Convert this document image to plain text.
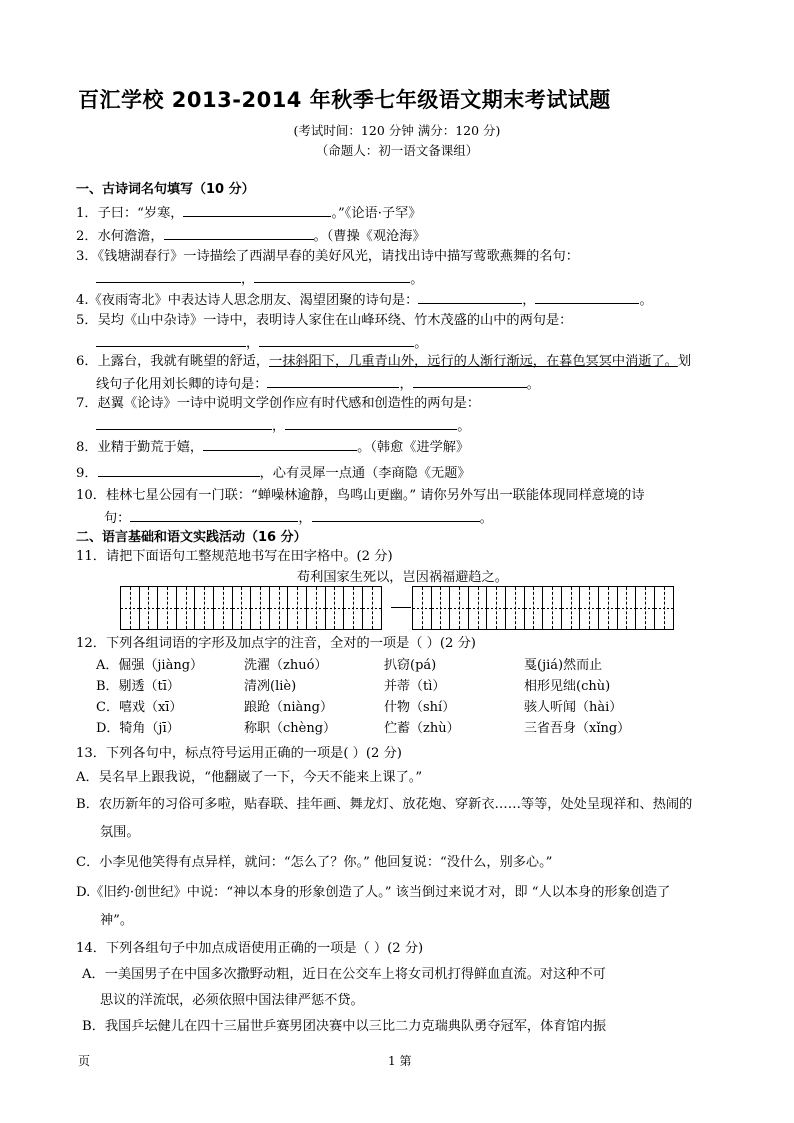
百汇学校 2013-2014 年秋季七年级语文期末考试试题
(考试时间：120 分钟 满分：120 分)
（命题人：初一语文备课组）
一、古诗词名句填写（10 分）
1．子曰：“岁寒，	。”《论语·子罕》
2．水何澹澹，	。（曹操《观沧海》
3．《钱塘湖春行》一诗描绘了西湖早春的美好风光，请找出诗中描写莺歌燕舞的名句：
，	。
4.《夜雨寄北》中表达诗人思念朋友、渴望团聚的诗句是：	，	。
5．吴均《山中杂诗》一诗中，表明诗人家住在山峰环绕、竹木茂盛的山中的两句是：
，	。
6．上露台，我就有眺望的舒适，一抹斜阳下，几重青山外，远行的人渐行渐远，在暮色冥冥中消逝了。划
线句子化用刘长卿的诗句是：	，	。
7．赵翼《论诗》一诗中说明文学创作应有时代感和创造性的两句是：
，	。
8．业精于勤荒于嬉，	。（韩愈《进学解》
9．	，心有灵犀一点通（李商隐《无题》
10．桂林七星公园有一门联：“蝉噪林逾静，鸟鸣山更幽。” 请你另外写出一联能体现同样意境的诗
句：	，	。
二、语言基础和语文实践活动（16 分）
11．请把下面语句工整规范地书写在田字格中。(2 分)
苟利国家生死以，岂因祸福避趋之。
12．下列各组词语的字形及加点字的注音，全对的一项是（ ）(2 分)
A．倔强（jiàng）	洗濯（zhuó）	扒窃(pá)	戛(jiá)然而止
B．剔透（tī）	清冽(liè)	并蒂（tì）	相形见绌(chù)
C．嘻戏（xī）	踉跄（niàng）	什物（shí）	骇人听闻（hài）
D．犄角（jī）	称职（chèng）	伫蓄（zhù）	三省吾身（xǐng）
13．下列各句中，标点符号运用正确的一项是( ）(2 分)
A．吴名早上跟我说，“他翻崴了一下，今天不能来上课了。”
B．农历新年的习俗可多啦，贴春联、挂年画、舞龙灯、放花炮、穿新衣……等等，处处呈现祥和、热闹的
氛围。
C．小李见他笑得有点异样，就问：“怎么了？你。” 他回复说：“没什么，别多心。”
D.《旧约·创世纪》中说：“神以本身的形象创造了人。” 该当倒过来说才对，即 “人以本身的形象创造了
神”。
14．下列各组句子中加点成语使用正确的一项是（ ）(2 分)
A．一美国男子在中国多次撒野动粗，近日在公交车上将女司机打得鲜血直流。对这种不可
思议的洋流氓，必须依照中国法律严惩不贷。
B．我国乒坛健儿在四十三届世乒赛男团决赛中以三比二力克瑞典队勇夺冠军，体育馆内振
页	1 第
